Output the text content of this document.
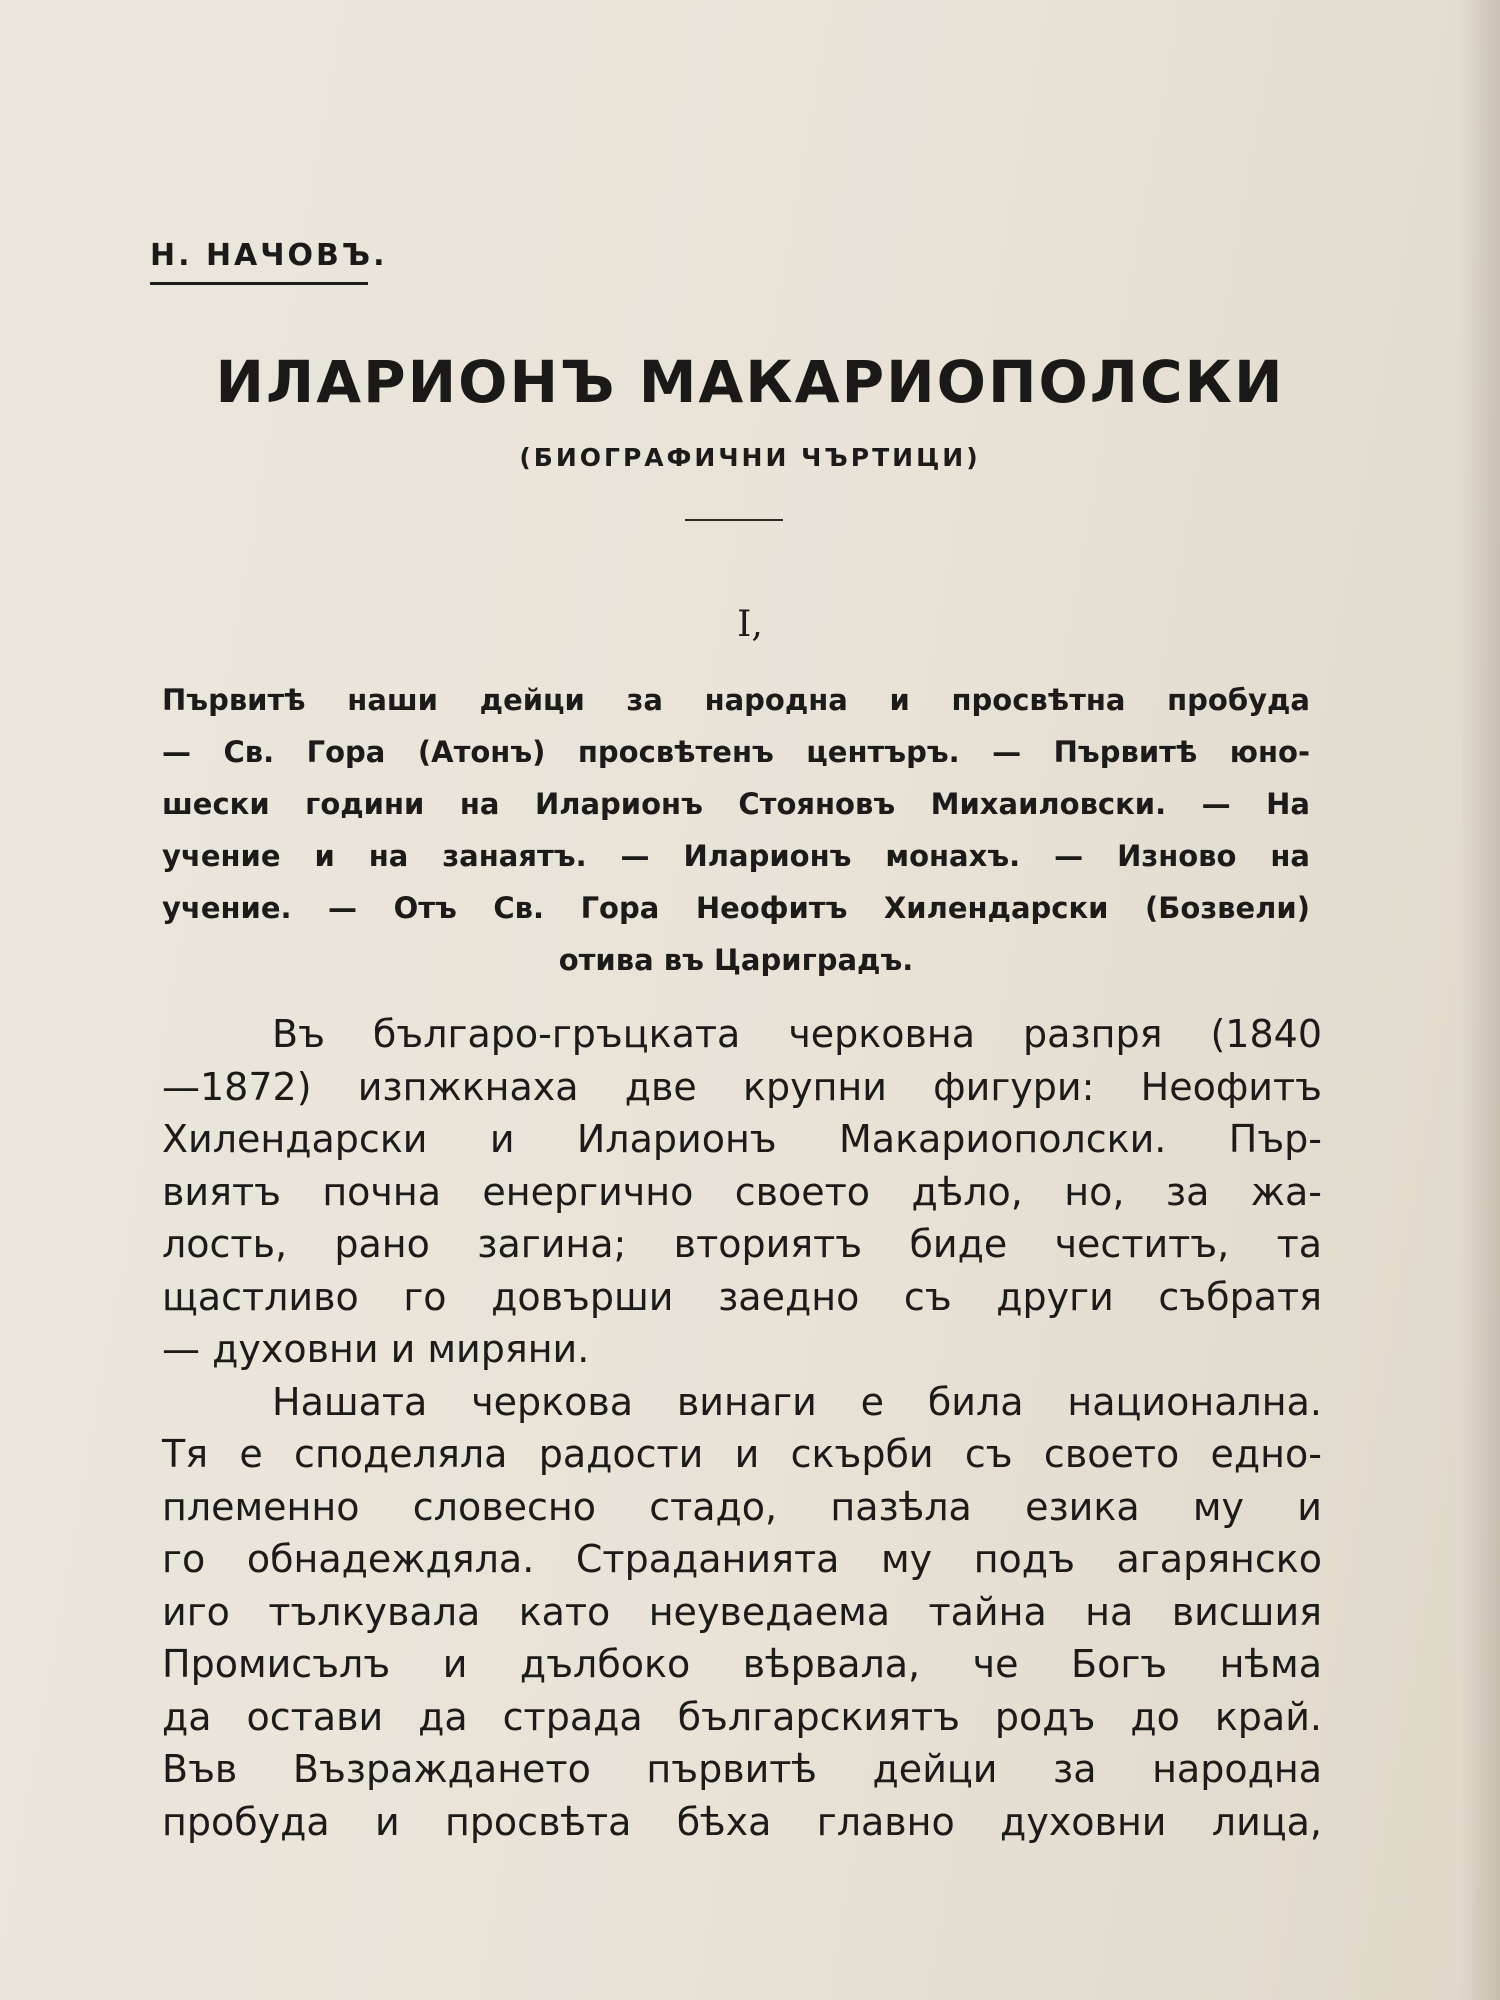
Н. НАЧОВЪ.
ИЛАРИОНЪ МАКАРИОПОЛСКИ
(БИОГРАФИЧНИ ЧЪРТИЦИ)
I,
Първитѣ наши дейци за народна и просвѣтна пробуда
— Св. Гора (Атонъ) просвѣтенъ центъръ. — Първитѣ юно-
шески години на Иларионъ Стояновъ Михаиловски. — На
учение и на занаятъ. — Иларионъ монахъ. — Изново на
учение. — Отъ Св. Гора Неофитъ Хилендарски (Бозвели)
отива въ Цариградъ.
Въ българо-гръцката черковна разпря (1840
—1872) изпжкнаха две крупни фигури: Неофитъ
Хилендарски и Иларионъ Макариополски. Пър-
виятъ почна енергично своето дѣло, но, за жа-
лость, рано загина; вториятъ биде честитъ, та
щастливо го довърши заедно съ други събратя
— духовни и миряни.
Нашата черкова винаги е била национална.
Тя е споделяла радости и скърби съ своето едно-
племенно словесно стадо, пазѣла езика му и
го обнадеждяла. Страданията му подъ агарянско
иго тълкувала като неуведаема тайна на висшия
Промисълъ и дълбоко вѣрвала, че Богъ нѣма
да остави да страда българскиятъ родъ до край.
Във Възраждането първитѣ дейци за народна
пробуда и просвѣта бѣха главно духовни лица,
